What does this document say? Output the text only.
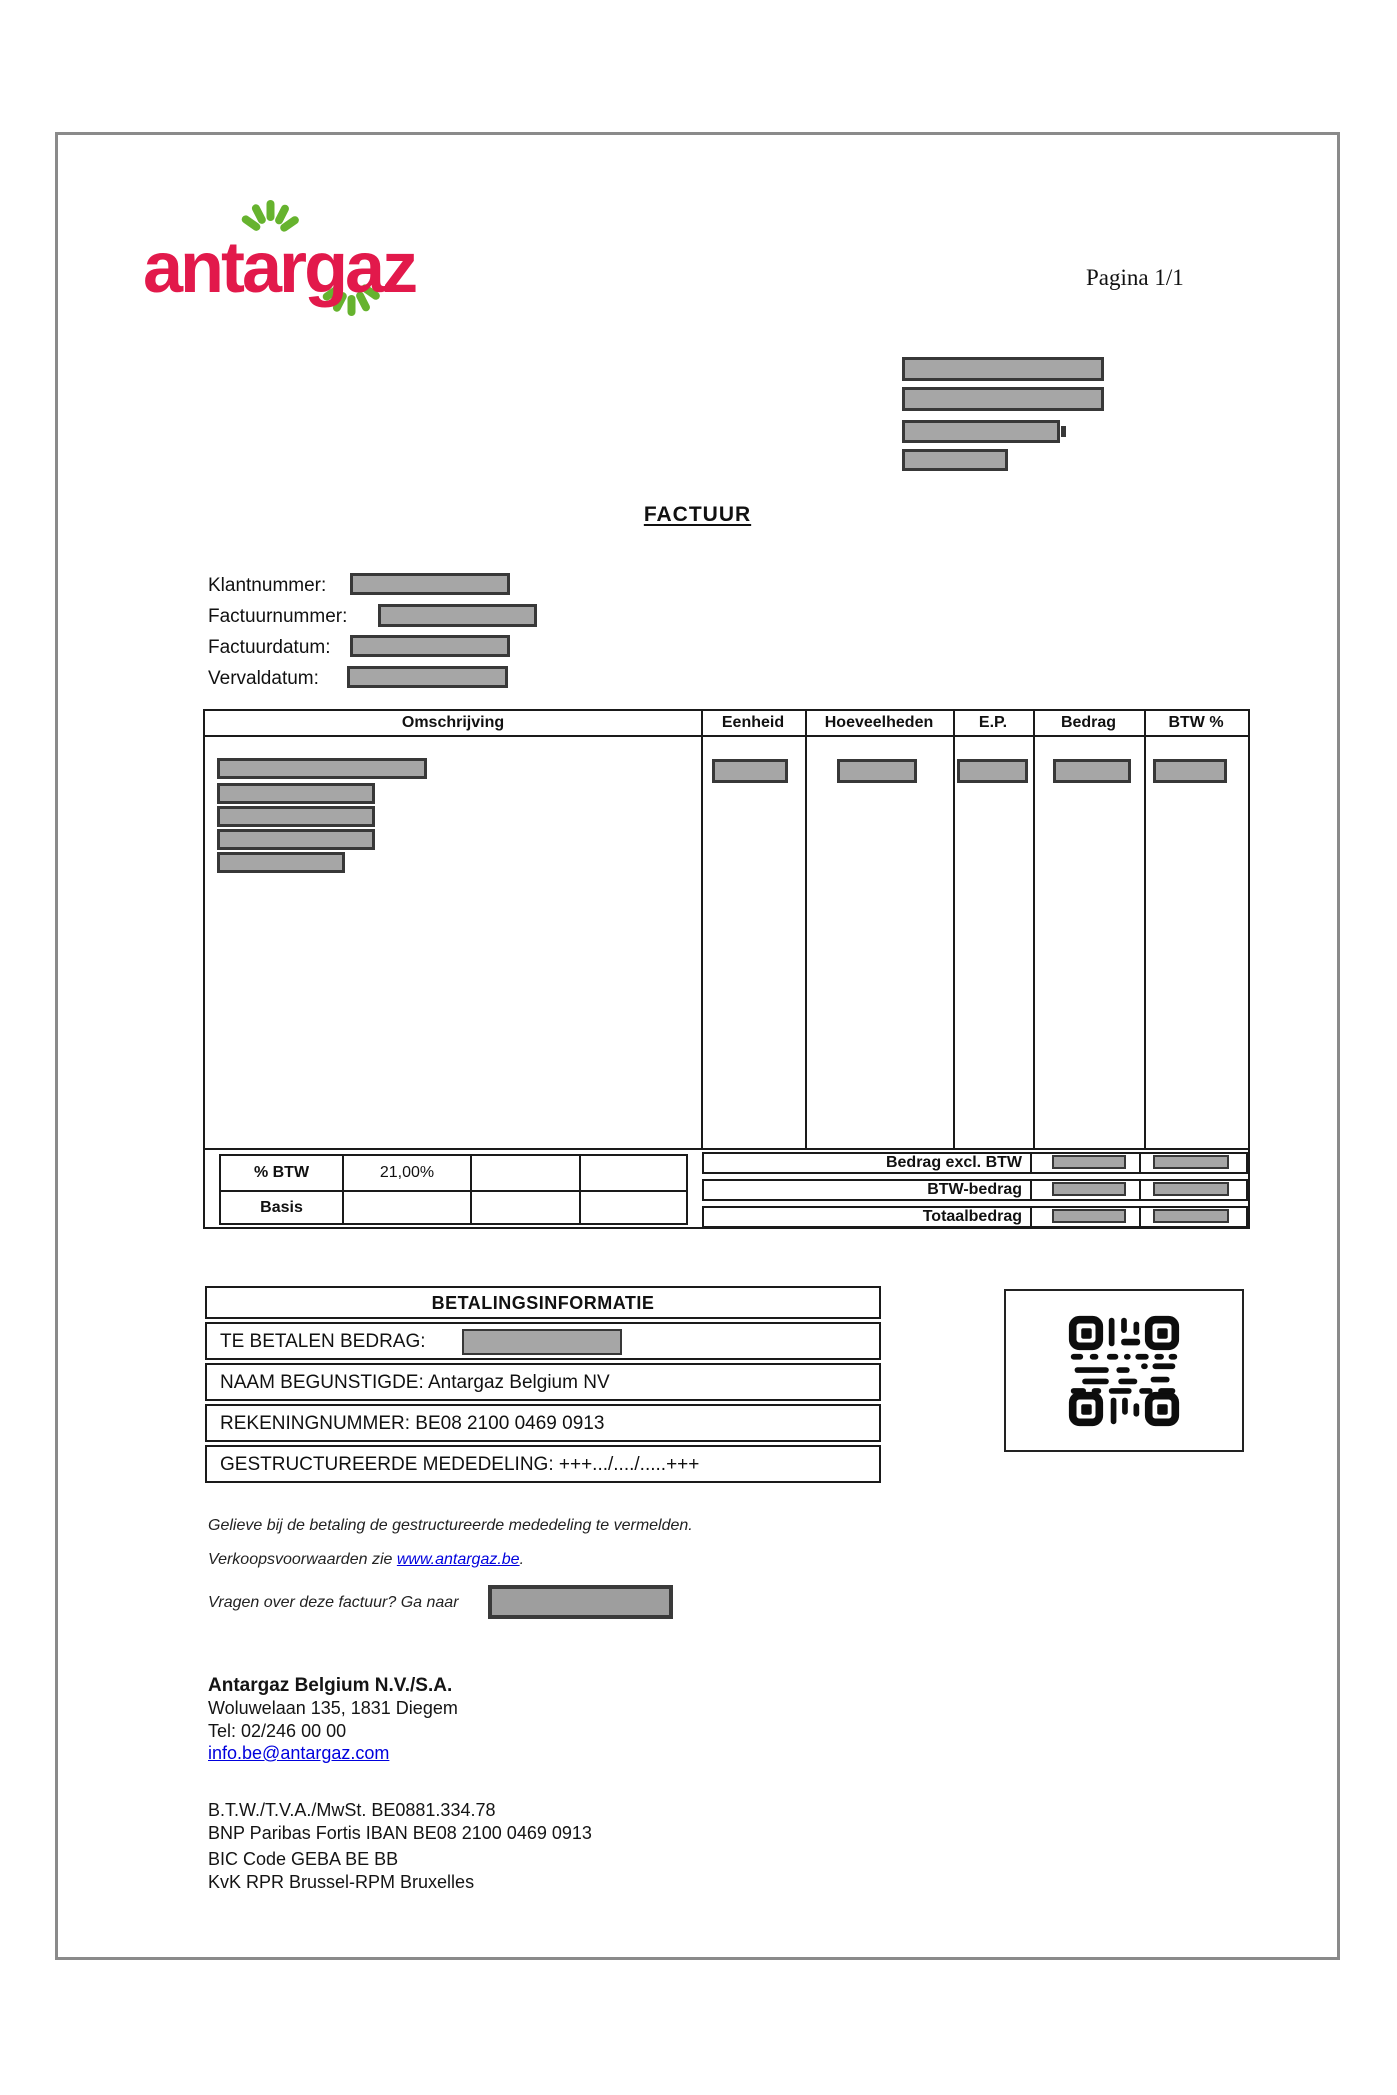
antargaz	Pagina 1/1
FACTUUR
Klantnummer:
Factuurnummer:
Factuurdatum:
Vervaldatum:
Omschrijving	Eenheid	Hoeveelheden	E.P.	Bedrag	BTW %
% BTW	21,00%
Basis
Bedrag excl. BTW
BTW-bedrag
Totaalbedrag
BETALINGSINFORMATIE
TE BETALEN BEDRAG:
NAAM BEGUNSTIGDE: Antargaz Belgium NV
REKENINGNUMMER: BE08 2100 0469 0913
GESTRUCTUREERDE MEDEDELING: +++.../..../.....+++
Gelieve bij de betaling de gestructureerde mededeling te vermelden.
Verkoopsvoorwaarden zie www.antargaz.be.
Vragen over deze factuur? Ga naar
Antargaz Belgium N.V./S.A.
Woluwelaan 135, 1831 Diegem
Tel: 02/246 00 00
info.be@antargaz.com
B.T.W./T.V.A./MwSt. BE0881.334.78
BNP Paribas Fortis IBAN BE08 2100 0469 0913
BIC Code GEBA BE BB
KvK RPR Brussel-RPM Bruxelles
